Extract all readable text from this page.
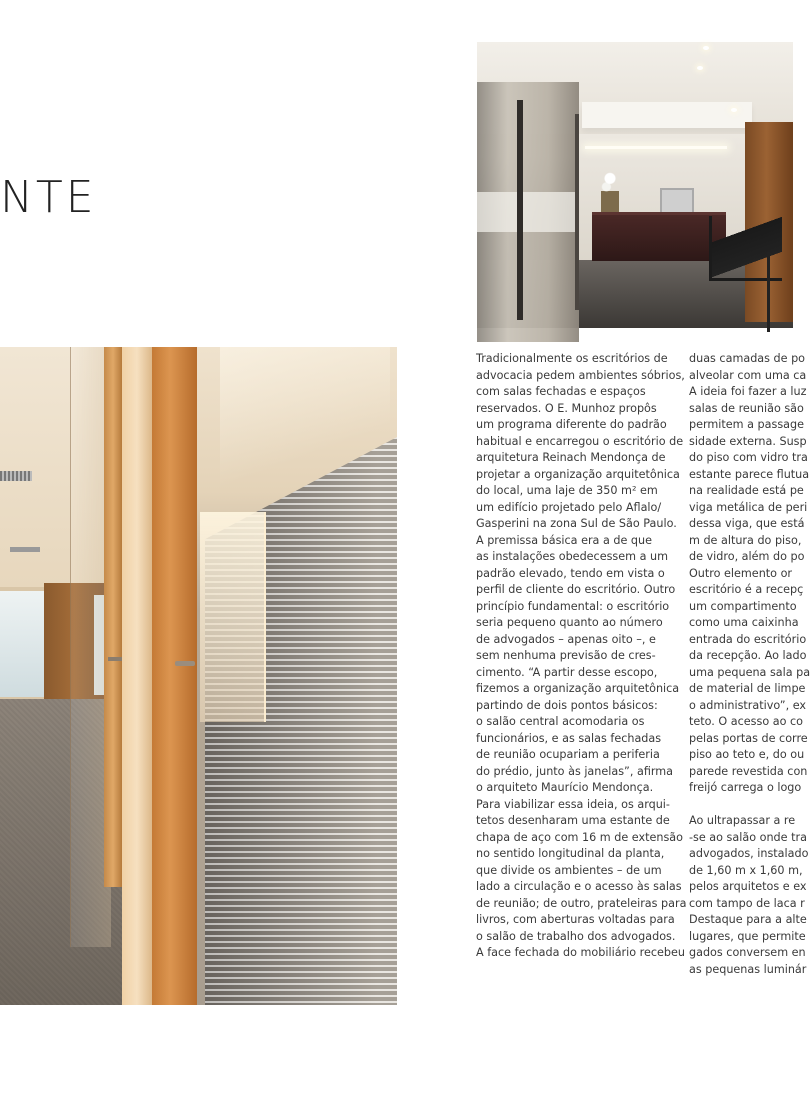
NTE
Tradicionalmente os escritórios de
advocacia pedem ambientes sóbrios,
com salas fechadas e espaços
reservados. O E. Munhoz propôs
um programa diferente do padrão
habitual e encarregou o escritório de
arquitetura Reinach Mendonça de
projetar a organização arquitetônica
do local, uma laje de 350 m² em
um edifício projetado pelo Aflalo/
Gasperini na zona Sul de São Paulo.
A premissa básica era a de que
as instalações obedecessem a um
padrão elevado, tendo em vista o
perfil de cliente do escritório. Outro
princípio fundamental: o escritório
seria pequeno quanto ao número
de advogados – apenas oito –, e
sem nenhuma previsão de cres-
cimento. “A partir desse escopo,
fizemos a organização arquitetônica
partindo de dois pontos básicos:
o salão central acomodaria os
funcionários, e as salas fechadas
de reunião ocupariam a periferia
do prédio, junto às janelas”, afirma
o arquiteto Maurício Mendonça.
Para viabilizar essa ideia, os arqui-
tetos desenharam uma estante de
chapa de aço com 16 m de extensão
no sentido longitudinal da planta,
que divide os ambientes – de um
lado a circulação e o acesso às salas
de reunião; de outro, prateleiras para
livros, com aberturas voltadas para
o salão de trabalho dos advogados.
A face fechada do mobiliário recebeu
duas camadas de po
alveolar com uma ca
A ideia foi fazer a luz
salas de reunião são
permitem a passage
sidade externa. Susp
do piso com vidro tra
estante parece flutua
na realidade está pe
viga metálica de peri
dessa viga, que está
m de altura do piso,
de vidro, além do po
Outro elemento or
escritório é a recepç
um compartimento
como uma caixinha
entrada do escritório
da recepção. Ao lado
uma pequena sala pa
de material de limpe
o administrativo”, ex
teto. O acesso ao co
pelas portas de corre
piso ao teto e, do ou
parede revestida con
freijó carrega o logo
Ao ultrapassar a re
-se ao salão onde tra
advogados, instalado
de 1,60 m x 1,60 m,
pelos arquitetos e ex
com tampo de laca r
Destaque para a alte
lugares, que permite
gados conversem en
as pequenas luminár
